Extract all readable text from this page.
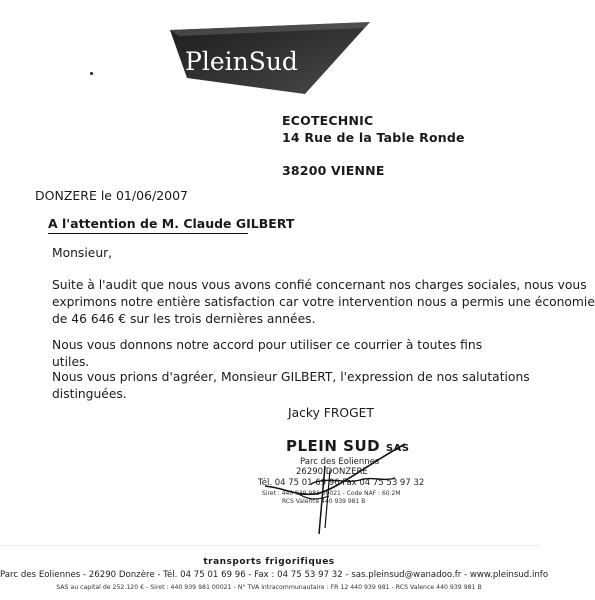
PleinSud
ECOTECHNIC
14 Rue de la Table Ronde
38200 VIENNE
DONZERE le 01/06/2007
A l'attention de M. Claude GILBERT
Monsieur,
Suite à l'audit que nous vous avons confié concernant nos charges sociales, nous vous
exprimons notre entière satisfaction car votre intervention nous a permis une économie
de 46 646 € sur les trois dernières années.
Nous vous donnons notre accord pour utiliser ce courrier à toutes fins utiles.
Nous vous prions d'agréer, Monsieur GILBERT, l'expression de nos salutations
distinguées.
Jacky FROGET
PLEIN SUD SAS
Parc des Eoliennes
26290 DONZERE
Tél. 04 75 01 69 96 Fax 04 75 53 97 32
Siret : 440 939 981 00021 - Code NAF : 60.2M
RCS Valence 440 939 981 B
transports frigorifiques
Parc des Eoliennes - 26290 Donzère - Tél. 04 75 01 69 96 - Fax : 04 75 53 97 32 - sas.pleinsud@wanadoo.fr - www.pleinsud.info
SAS au capital de 252.120 € - Siret : 440 939 981 00021 - N° TVA intracommunautaire : FR 12 440 939 981 - RCS Valence 440 939 981 B
